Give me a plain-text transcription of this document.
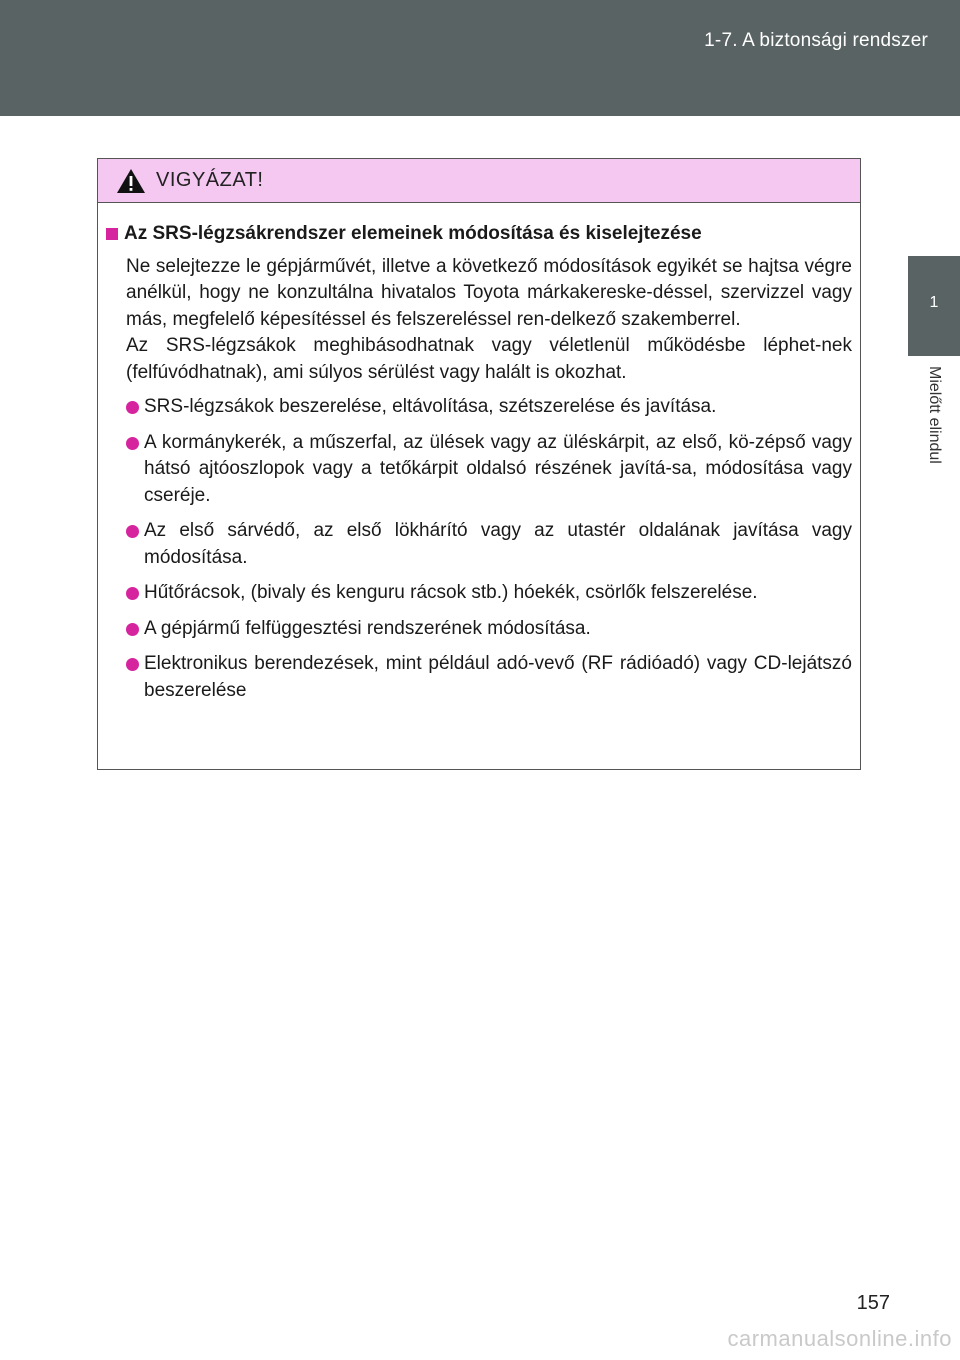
1-7. A biztonsági rendszer
1
Mielőtt elindul
VIGYÁZAT!
Az SRS-légzsákrendszer elemeinek módosítása és kiselejtezése
Ne selejtezze le gépjárművét, illetve a következő módosítások egyikét se hajtsa végre anélkül, hogy ne konzultálna hivatalos Toyota márkakereske-déssel, szervizzel vagy más, megfelelő képesítéssel és felszereléssel ren-delkező szakemberrel.
Az SRS-légzsákok meghibásodhatnak vagy véletlenül működésbe léphet-nek (felfúvódhatnak), ami súlyos sérülést vagy halált is okozhat.
SRS-légzsákok beszerelése, eltávolítása, szétszerelése és javítása.
A kormánykerék, a műszerfal, az ülések vagy az üléskárpit, az első, kö-zépső vagy hátsó ajtóoszlopok vagy a tetőkárpit oldalsó részének javítá-sa, módosítása vagy cseréje.
Az első sárvédő, az első lökhárító vagy az utastér oldalának javítása vagy módosítása.
Hűtőrácsok, (bivaly és kenguru rácsok stb.) hóekék, csörlők felszerelése.
A gépjármű felfüggesztési rendszerének módosítása.
Elektronikus berendezések, mint például adó-vevő (RF rádióadó) vagy CD-lejátszó beszerelése
157
carmanualsonline.info
